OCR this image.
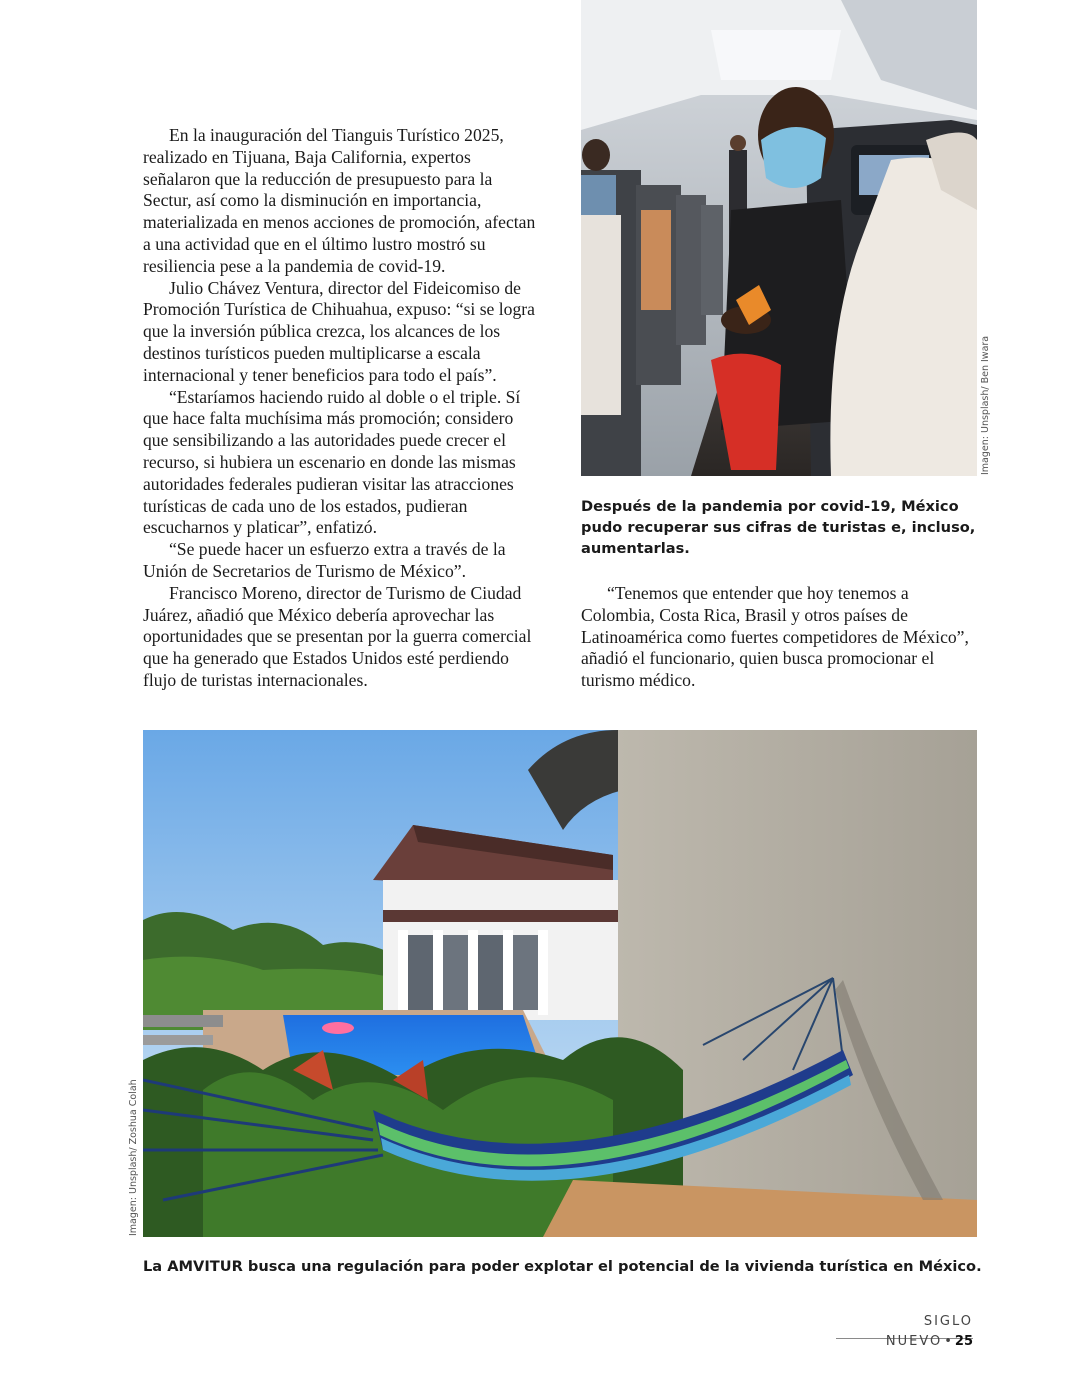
En la inauguración del Tianguis Turístico 2025, realizado en Tijuana, Baja California, expertos señalaron que la reducción de presupuesto para la Sectur, así como la disminución en importancia, materializada en menos acciones de promoción, afectan a una actividad que en el último lustro mostró su resiliencia pese a la pandemia de covid-19.

Julio Chávez Ventura, director del Fideicomiso de Promoción Turística de Chihuahua, expuso: “si se logra que la inversión pública crezca, los alcances de los destinos turísticos pueden multiplicarse a escala internacional y tener beneficios para todo el país”.

“Estaríamos haciendo ruido al doble o el triple. Sí que hace falta muchísima más promoción; considero que sensibilizando a las autoridades puede crecer el recurso, si hubiera un escenario en donde las mismas autoridades federales pudieran visitar las atracciones turísticas de cada uno de los estados, pudieran escucharnos y platicar”, enfatizó.

“Se puede hacer un esfuerzo extra a través de la Unión de Secretarios de Turismo de México”.

Francisco Moreno, director de Turismo de Ciudad Juárez, añadió que México debería aprovechar las oportunidades que se presentan por la guerra comercial que ha generado que Estados Unidos esté perdiendo flujo de turistas internacionales.

Imagen: Unsplash/ Ben Iwara
Después de la pandemia por covid-19, México pudo recuperar sus cifras de turistas e, incluso, aumentarlas.

“Tenemos que entender que hoy tenemos a Colombia, Costa Rica, Brasil y otros países de Latinoamérica como fuertes competidores de México”, añadió el funcionario, quien busca promocionar el turismo médico.

Imagen: Unsplash/ Zoshua Colah
La AMVITUR busca una regulación para poder explotar el potencial de la vivienda turística en México.
SIGLO NUEVO • 25
